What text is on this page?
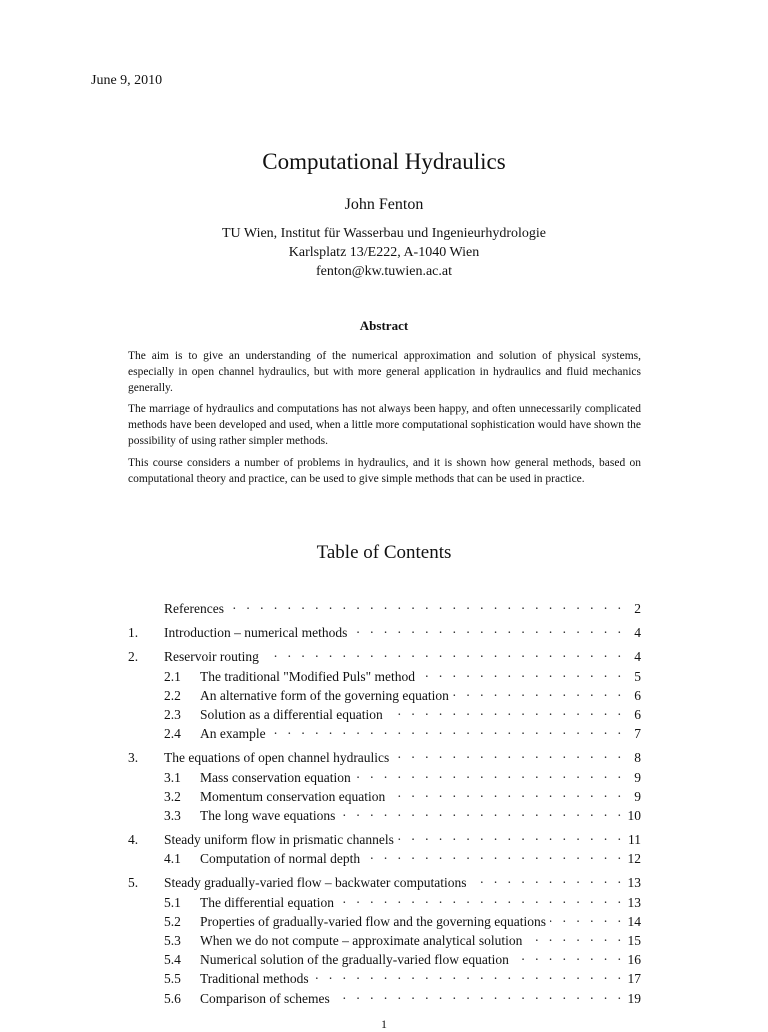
June 9, 2010
Computational Hydraulics
John Fenton
TU Wien, Institut für Wasserbau und Ingenieurhydrologie
Karlsplatz 13/E222, A-1040 Wien
fenton@kw.tuwien.ac.at
Abstract

The aim is to give an understanding of the numerical approximation and solution of physical systems, especially in open channel hydraulics, but with more general application in hydraulics and fluid mechanics generally.

The marriage of hydraulics and computations has not always been happy, and often unnecessarily complicated methods have been developed and used, when a little more computational sophistication would have shown the possibility of using rather simpler methods.

This course considers a number of problems in hydraulics, and it is shown how general methods, based on computational theory and practice, can be used to give simple methods that can be used in practice.

Table of Contents
References . . .	2
1.	Introduction – numerical methods . . .	4
2.	Reservoir routing . . .	4
2.1	The traditional "Modified Puls" method . . .	5
2.2	An alternative form of the governing equation . . .	6
2.3	Solution as a differential equation . . .	6
2.4	An example . . .	7
3.	The equations of open channel hydraulics . . .	8
3.1	Mass conservation equation . . .	9
3.2	Momentum conservation equation . . .	9
3.3	The long wave equations . . .	10
4.	Steady uniform flow in prismatic channels . . .	11
4.1	Computation of normal depth . . .	12
5.	Steady gradually-varied flow – backwater computations . . .	13
5.1	The differential equation . . .	13
5.2	Properties of gradually-varied flow and the governing equations . . .	14
5.3	When we do not compute – approximate analytical solution . . .	15
5.4	Numerical solution of the gradually-varied flow equation . . .	16
5.5	Traditional methods . . .	17
5.6	Comparison of schemes . . .	19
1
